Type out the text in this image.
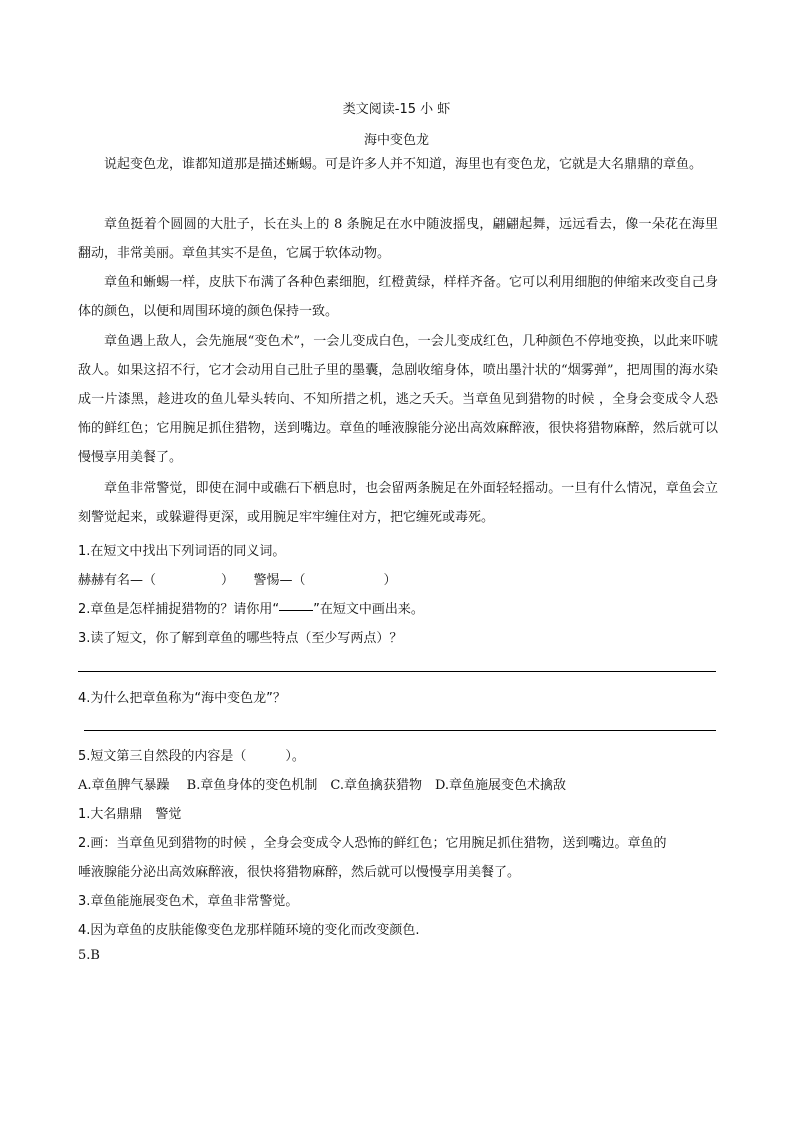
类文阅读-15 小 虾
海中变色龙

说起变色龙，谁都知道那是描述蜥蜴。可是许多人并不知道，海里也有变色龙，它就是大名鼎鼎的章鱼。

章鱼挺着个圆圆的大肚子，长在头上的 8 条腕足在水中随波摇曳，翩翩起舞，远远看去，像一朵花在海里翻动，非常美丽。章鱼其实不是鱼，它属于软体动物。

章鱼和蜥蜴一样，皮肤下布满了各种色素细胞，红橙黄绿，样样齐备。它可以利用细胞的伸缩来改变自己身体的颜色，以便和周围环境的颜色保持一致。

章鱼遇上敌人，会先施展“变色术”，一会儿变成白色，一会儿变成红色，几种颜色不停地变换，以此来吓唬敌人。如果这招不行，它才会动用自己肚子里的墨囊，急剧收缩身体，喷出墨汁状的“烟雾弹”，把周围的海水染成一片漆黑，趁进攻的鱼儿晕头转向、不知所措之机，逃之夭夭。当章鱼见到猎物的时候 ，全身会变成令人恐怖的鲜红色；它用腕足抓住猎物，送到嘴边。章鱼的唾液腺能分泌出高效麻醉液，很快将猎物麻醉，然后就可以慢慢享用美餐了。

章鱼非常警觉，即使在洞中或礁石下栖息时，也会留两条腕足在外面轻轻摇动。一旦有什么情况，章鱼会立刻警觉起来，或躲避得更深，或用腕足牢牢缠住对方，把它缠死或毒死。

1.在短文中找出下列词语的同义词。
赫赫有名—（　　　　　）　　警惕—（　　　　　　）
2.章鱼是怎样捕捉猎物的？请你用“	”在短文中画出来。
3.读了短文，你了解到章鱼的哪些特点（至少写两点）？
4.为什么把章鱼称为“海中变色龙”？
5.短文第三自然段的内容是（　　　）。
A.章鱼脾气暴躁　 B.章鱼身体的变色机制　C.章鱼擒获猎物　D.章鱼施展变色术擒敌
1.大名鼎鼎　警觉
2.画：当章鱼见到猎物的时候 ，全身会变成令人恐怖的鲜红色；它用腕足抓住猎物，送到嘴边。章鱼的
唾液腺能分泌出高效麻醉液，很快将猎物麻醉，然后就可以慢慢享用美餐了。
3.章鱼能施展变色术，章鱼非常警觉。
4.因为章鱼的皮肤能像变色龙那样随环境的变化而改变颜色.
5.B
